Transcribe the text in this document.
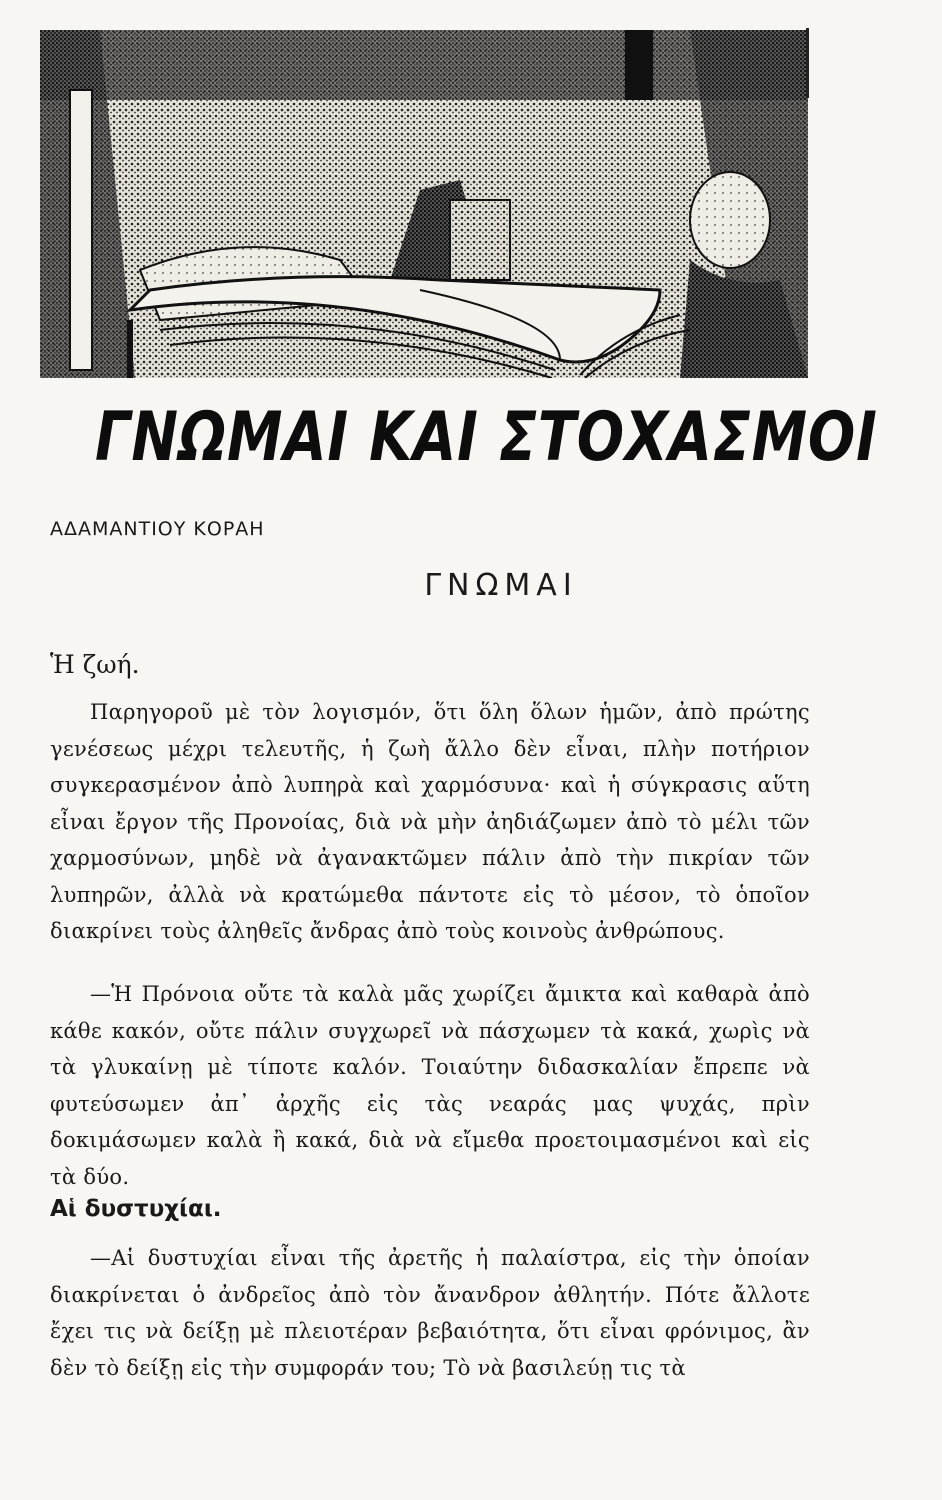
ΓΝΩΜΑΙ ΚΑΙ ΣΤΟΧΑΣΜΟΙ
ΑΔΑΜΑΝΤΙΟΥ ΚΟΡΑΗ
ΓΝΩΜΑΙ
Ἡ ζωή.

Παρηγοροῦ μὲ τὸν λογισμόν, ὅτι ὅλη ὅλων ἡμῶν, ἀπὸ πρώτης γενέσεως μέχρι τελευτῆς, ἡ ζωὴ ἄλλο δὲν εἶναι, πλὴν ποτήριον συγκερασμένον ἀπὸ λυπηρὰ καὶ χαρμόσυνα· καὶ ἡ σύγκρασις αὕτη εἶναι ἔργον τῆς Προνοίας, διὰ νὰ μὴν ἀηδιάζωμεν ἀπὸ τὸ μέλι τῶν χαρμοσύνων, μηδὲ νὰ ἀγανακτῶμεν πάλιν ἀπὸ τὴν πικρίαν τῶν λυπηρῶν, ἀλλὰ νὰ κρατώμεθα πάντοτε εἰς τὸ μέσον, τὸ ὁποῖον διακρίνει τοὺς ἀληθεῖς ἄνδρας ἀπὸ τοὺς κοινοὺς ἀνθρώπους.

—Ἡ Πρόνοια οὔτε τὰ καλὰ μᾶς χωρίζει ἄμικτα καὶ καθαρὰ ἀπὸ κάθε κακόν, οὔτε πάλιν συγχωρεῖ νὰ πάσχωμεν τὰ κακά, χωρὶς νὰ τὰ γλυκαίνῃ μὲ τίποτε καλόν. Τοιαύτην διδασκαλίαν ἔπρεπε νὰ φυτεύσωμεν ἀπ᾽ ἀρχῆς εἰς τὰς νεαράς μας ψυχάς, πρὶν δοκιμάσωμεν καλὰ ἢ κακά, διὰ νὰ εἴμεθα προετοιμασμένοι καὶ εἰς τὰ δύο.

Αἱ δυστυχίαι.

—Αἱ δυστυχίαι εἶναι τῆς ἀρετῆς ἡ παλαίστρα, εἰς τὴν ὁποίαν διακρίνεται ὁ ἀνδρεῖος ἀπὸ τὸν ἄνανδρον ἀθλητήν. Πότε ἄλλοτε ἔχει τις νὰ δείξῃ μὲ πλειοτέραν βεβαιότητα, ὅτι εἶναι φρόνιμος, ἂν δὲν τὸ δείξῃ εἰς τὴν συμφοράν του; Τὸ νὰ βασιλεύῃ τις τὰ
